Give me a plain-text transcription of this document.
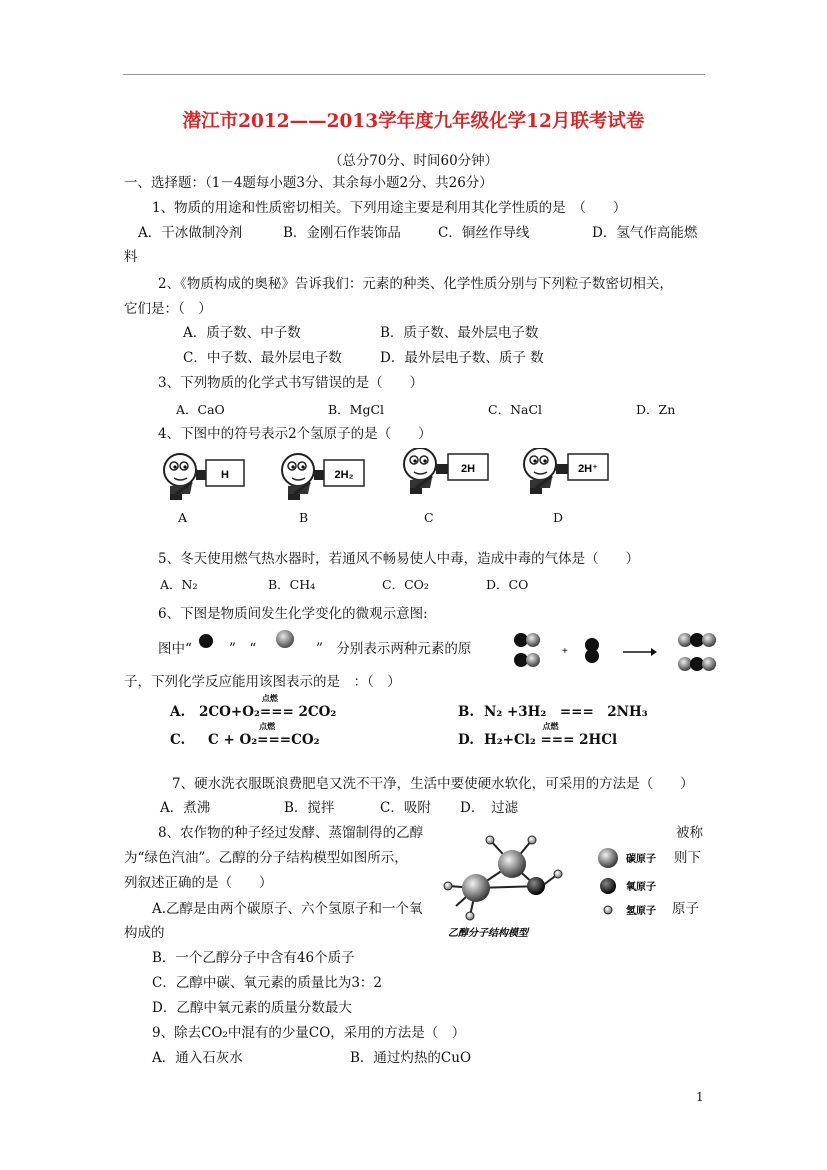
潜江市2012——2013学年度九年级化学12月联考试卷
（总分70分、时间60分钟）
一、选择题：（1－4题每小题3分、其余每小题2分、共26分）
1、物质的用途和性质密切相关。下列用途主要是利用其化学性质的是　（　　）
A．干冰做制冷剂	B．金刚石作装饰品	C．铜丝作导线	D．氢气作高能燃
料
2、《物质构成的奥秘》告诉我们：元素的种类、化学性质分别与下列粒子数密切相关，
它们是：（　）
A．质子数、中子数	B．质子数、最外层电子数
C．中子数、最外层电子数	D．最外层电子数、质子 数
3、下列物质的化学式书写错误的是（　　）
A．CaO	B．MgCl	C．NaCl	D．Zn
4、下图中的符号表示2个氢原子的是（　　）
H	2H₂	2H	2H⁺
A	B	C	D
5、冬天使用燃气热水器时，若通风不畅易使人中毒，造成中毒的气体是（　　）
A．N₂	B．CH₄	C．CO₂	D．CO
6、下图是物质间发生化学变化的微观示意图:
图中“	”　“	”　分别表示两种元素的原	+
子，下列化学反应能用该图表示的是　：（　）
A. 2CO+O₂
点燃
=== 2CO₂	B. N₂ +3H₂　===　2NH₃
C. C + O₂
点燃
===CO₂	D. H₂+Cl₂
点燃
=== 2HCl
7、硬水洗衣服既浪费肥皂又洗不干净，生活中要使硬水软化，可采用的方法是（　　）
A．煮沸	B．搅拌	C．吸附 D．　过滤
8、农作物的种子经过发酵、蒸馏制得的乙醇	被称
为“绿色汽油”。乙醇的分子结构模型如图所示，	则下
列叙述正确的是（　　）
碳原子
氧原子
氢原子
乙醇分子结构模型
A.乙醇是由两个碳原子、六个氢原子和一个氧	原子
构成的
B．一个乙醇分子中含有46个质子
C．乙醇中碳、氧元素的质量比为3：2
D．乙醇中氧元素的质量分数最大
9、除去CO₂中混有的少量CO，采用的方法是（　）
A．通入石灰水	B．通过灼热的CuO
1
